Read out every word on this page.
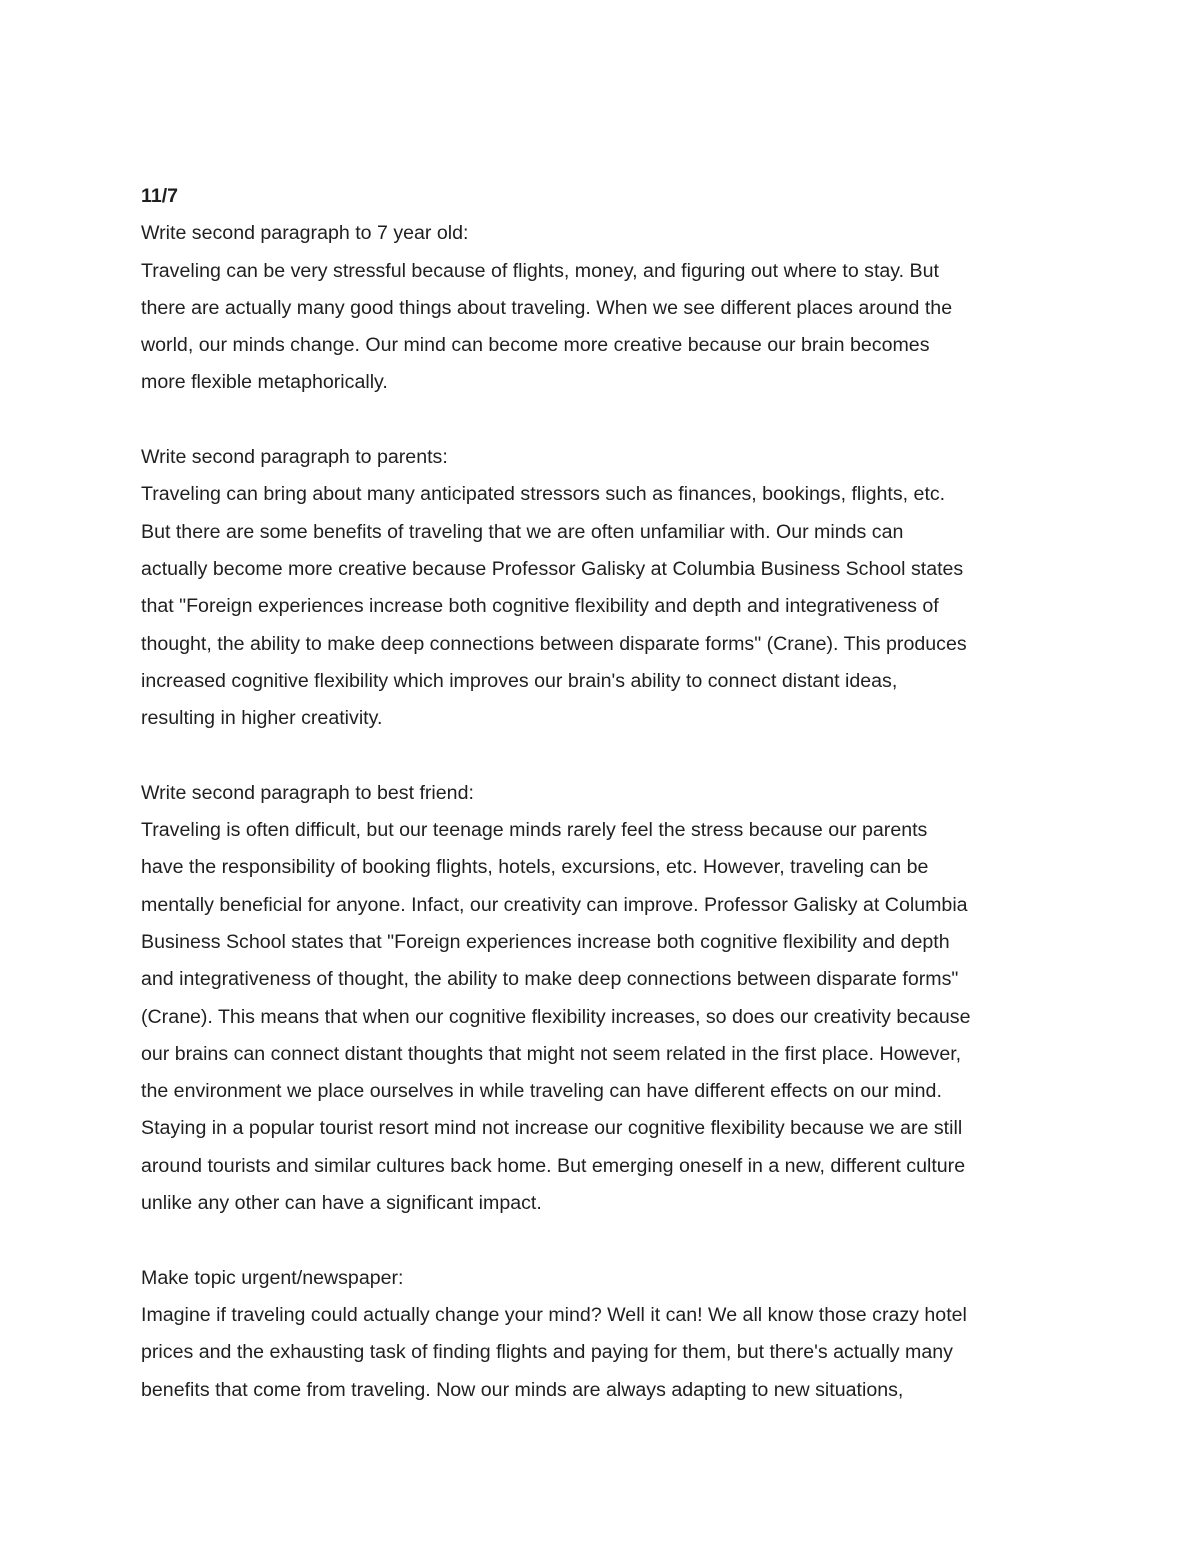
11/7
Write second paragraph to 7 year old:
Traveling can be very stressful because of flights, money, and figuring out where to stay. But
there are actually many good things about traveling. When we see different places around the
world, our minds change. Our mind can become more creative because our brain becomes
more flexible metaphorically.
Write second paragraph to parents:
Traveling can bring about many anticipated stressors such as finances, bookings, flights, etc.
But there are some benefits of traveling that we are often unfamiliar with. Our minds can
actually become more creative because Professor Galisky at Columbia Business School states
that "Foreign experiences increase both cognitive flexibility and depth and integrativeness of
thought, the ability to make deep connections between disparate forms" (Crane). This produces
increased cognitive flexibility which improves our brain's ability to connect distant ideas,
resulting in higher creativity.
Write second paragraph to best friend:
Traveling is often difficult, but our teenage minds rarely feel the stress because our parents
have the responsibility of booking flights, hotels, excursions, etc. However, traveling can be
mentally beneficial for anyone. Infact, our creativity can improve. Professor Galisky at Columbia
Business School states that "Foreign experiences increase both cognitive flexibility and depth
and integrativeness of thought, the ability to make deep connections between disparate forms"
(Crane). This means that when our cognitive flexibility increases, so does our creativity because
our brains can connect distant thoughts that might not seem related in the first place. However,
the environment we place ourselves in while traveling can have different effects on our mind.
Staying in a popular tourist resort mind not increase our cognitive flexibility because we are still
around tourists and similar cultures back home. But emerging oneself in a new, different culture
unlike any other can have a significant impact.
Make topic urgent/newspaper:
Imagine if traveling could actually change your mind? Well it can! We all know those crazy hotel
prices and the exhausting task of finding flights and paying for them, but there's actually many
benefits that come from traveling. Now our minds are always adapting to new situations,
